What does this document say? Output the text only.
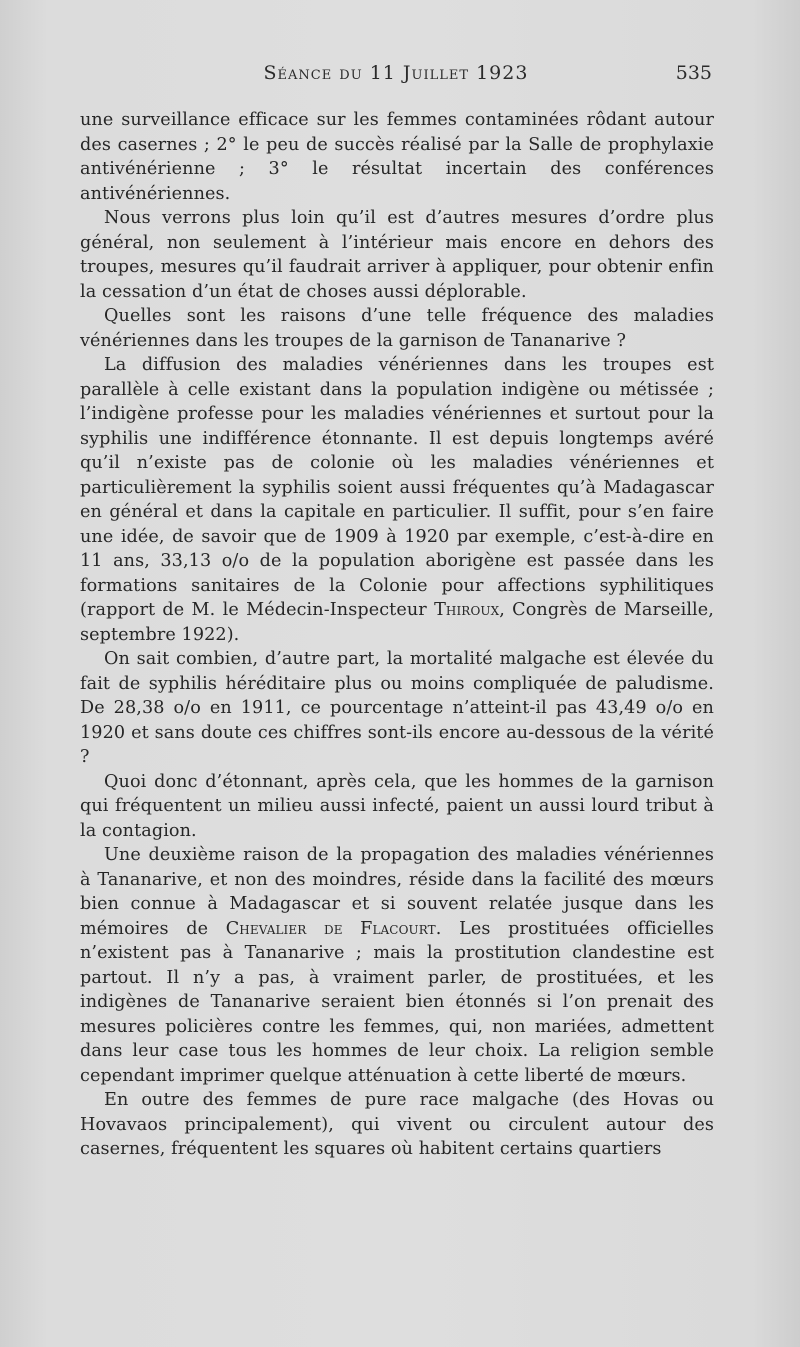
Séance du 11 Juillet 1923	535

une surveillance efficace sur les femmes contaminées rôdant autour des casernes ; 2° le peu de succès réalisé par la Salle de prophylaxie antivénérienne ; 3° le résultat incertain des conférences antivénériennes.

Nous verrons plus loin qu’il est d’autres mesures d’ordre plus général, non seulement à l’intérieur mais encore en dehors des troupes, mesures qu’il faudrait arriver à appliquer, pour obtenir enfin la cessation d’un état de choses aussi déplorable.

Quelles sont les raisons d’une telle fréquence des maladies vénériennes dans les troupes de la garnison de Tananarive ?

La diffusion des maladies vénériennes dans les troupes est parallèle à celle existant dans la population indigène ou métissée ; l’indigène professe pour les maladies vénériennes et surtout pour la syphilis une indifférence étonnante. Il est depuis longtemps avéré qu’il n’existe pas de colonie où les maladies vénériennes et particulièrement la syphilis soient aussi fréquentes qu’à Madagascar en général et dans la capitale en particulier. Il suffit, pour s’en faire une idée, de savoir que de 1909 à 1920 par exemple, c’est-à-dire en 11 ans, 33,13 o/o de la population aborigène est passée dans les formations sanitaires de la Colonie pour affections syphilitiques (rapport de M. le Médecin-Inspecteur Thiroux, Congrès de Marseille, septembre 1922).

On sait combien, d’autre part, la mortalité malgache est élevée du fait de syphilis héréditaire plus ou moins compliquée de paludisme. De 28,38 o/o en 1911, ce pourcentage n’atteint-il pas 43,49 o/o en 1920 et sans doute ces chiffres sont-ils encore au-dessous de la vérité ?

Quoi donc d’étonnant, après cela, que les hommes de la garnison qui fréquentent un milieu aussi infecté, paient un aussi lourd tribut à la contagion.

Une deuxième raison de la propagation des maladies vénériennes à Tananarive, et non des moindres, réside dans la facilité des mœurs bien connue à Madagascar et si souvent relatée jusque dans les mémoires de Chevalier de Flacourt. Les prostituées officielles n’existent pas à Tananarive ; mais la prostitution clandestine est partout. Il n’y a pas, à vraiment parler, de prostituées, et les indigènes de Tananarive seraient bien étonnés si l’on prenait des mesures policières contre les femmes, qui, non mariées, admettent dans leur case tous les hommes de leur choix. La religion semble cependant imprimer quelque atténuation à cette liberté de mœurs.

En outre des femmes de pure race malgache (des Hovas ou Hovavaos principalement), qui vivent ou circulent autour des casernes, fréquentent les squares où habitent certains quartiers
